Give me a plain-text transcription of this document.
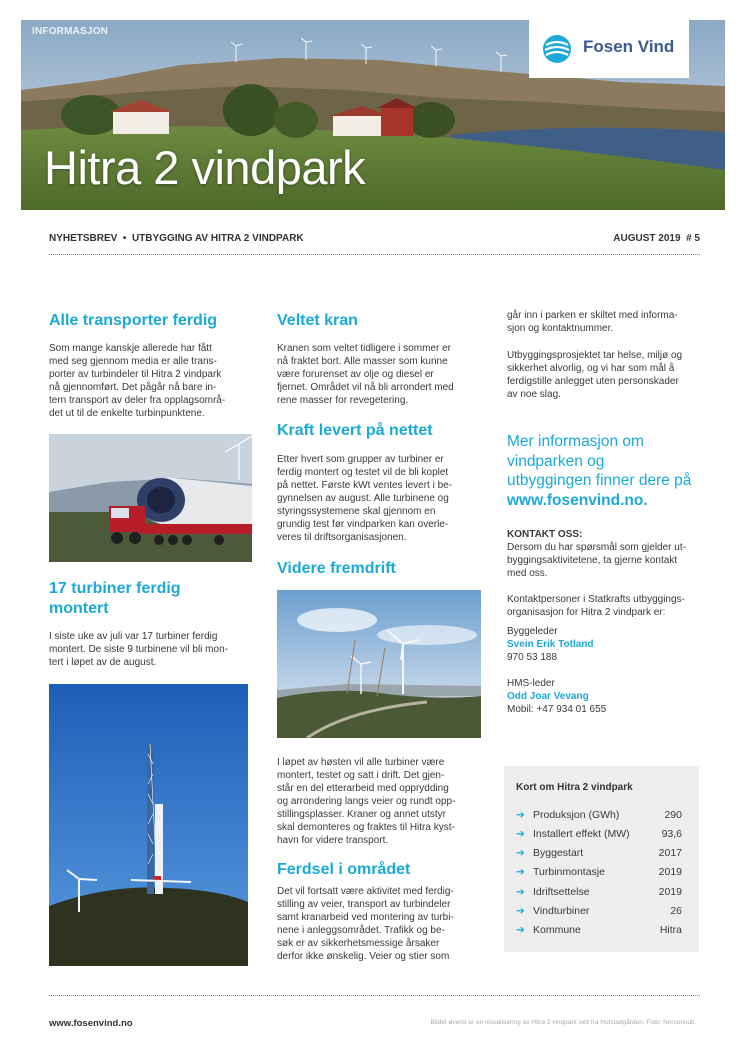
INFORMASJON
Hitra 2 vindpark
Fosen Vind
NYHETSBREV  •  UTBYGGING AV HITRA 2 VINDPARK	AUGUST 2019  # 5
Alle transporter ferdig

Som mange kanskje allerede har fått
med seg gjennom media er alle trans-
porter av turbindeler til Hitra 2 vindpark
nå gjennomført. Det pågår nå bare in-
tern transport av deler fra opplagsområ-
det ut til de enkelte turbinpunktene.

17 turbiner ferdig
montert

I siste uke av juli var 17 turbiner ferdig
montert. De siste 9 turbinene vil bli mon-
tert i løpet av de august.

Veltet kran

Kranen som veltet tidligere i sommer er
nå fraktet bort. Alle masser som kunne
være forurenset av olje og diesel er
fjernet. Området vil nå bli arrondert med
rene masser for revegetering.

Kraft levert på nettet

Etter hvert som grupper av turbiner er
ferdig montert og testet vil de bli koplet
på nettet. Første kWt ventes levert i be-
gynnelsen av august. Alle turbinene og
styringssystemene skal gjennom en
grundig test før vindparken kan overle-
veres til driftsorganisasjonen.

Videre fremdrift

I løpet av høsten vil alle turbiner være
montert, testet og satt i drift. Det gjen-
står en del etterarbeid med opprydding
og arrondering langs veier og rundt opp-
stillingsplasser. Kraner og annet utstyr
skal demonteres og fraktes til Hitra kyst-
havn for videre transport.

Ferdsel i området

Det vil fortsatt være aktivitet med ferdig-
stilling av veier, transport av turbindeler
samt kranarbeid ved montering av turbi-
nene i anleggsområdet. Trafikk og be-
søk er av sikkerhetsmessige årsaker
derfor ikke ønskelig. Veier og stier som

går inn i parken er skiltet med informa-
sjon og kontaktnummer.

Utbyggingsprosjektet tar helse, miljø og
sikkerhet alvorlig, og vi har som mål å
ferdigstille anlegget uten personskader
av noe slag.

Mer informasjon om
vindparken og
utbyggingen finner dere på
www.fosenvind.no.

KONTAKT OSS:
Dersom du har spørsmål som gjelder ut-
byggingsaktivitetene, ta gjerne kontakt
med oss.

Kontaktpersoner i Statkrafts utbyggings-
organisasjon for Hitra 2 vindpark er:

Byggeleder
Svein Erik Totland
970 53 188

HMS-leder
Odd Joar Vevang
Mobil: +47 934 01 655

Kort om Hitra 2 vindpark
➔ Produksjon (GWh)	290
➔ Installert effekt (MW)	93,6
➔ Byggestart	2017
➔ Turbinmontasje	2019
➔ Idriftsettelse	2019
➔ Vindturbiner	26
➔ Kommune	Hitra
www.fosenvind.no	Bildet øverst er en visualisering av Hitra 2 vindpark sett fra Hofstadgården. Foto: Norconsult.
